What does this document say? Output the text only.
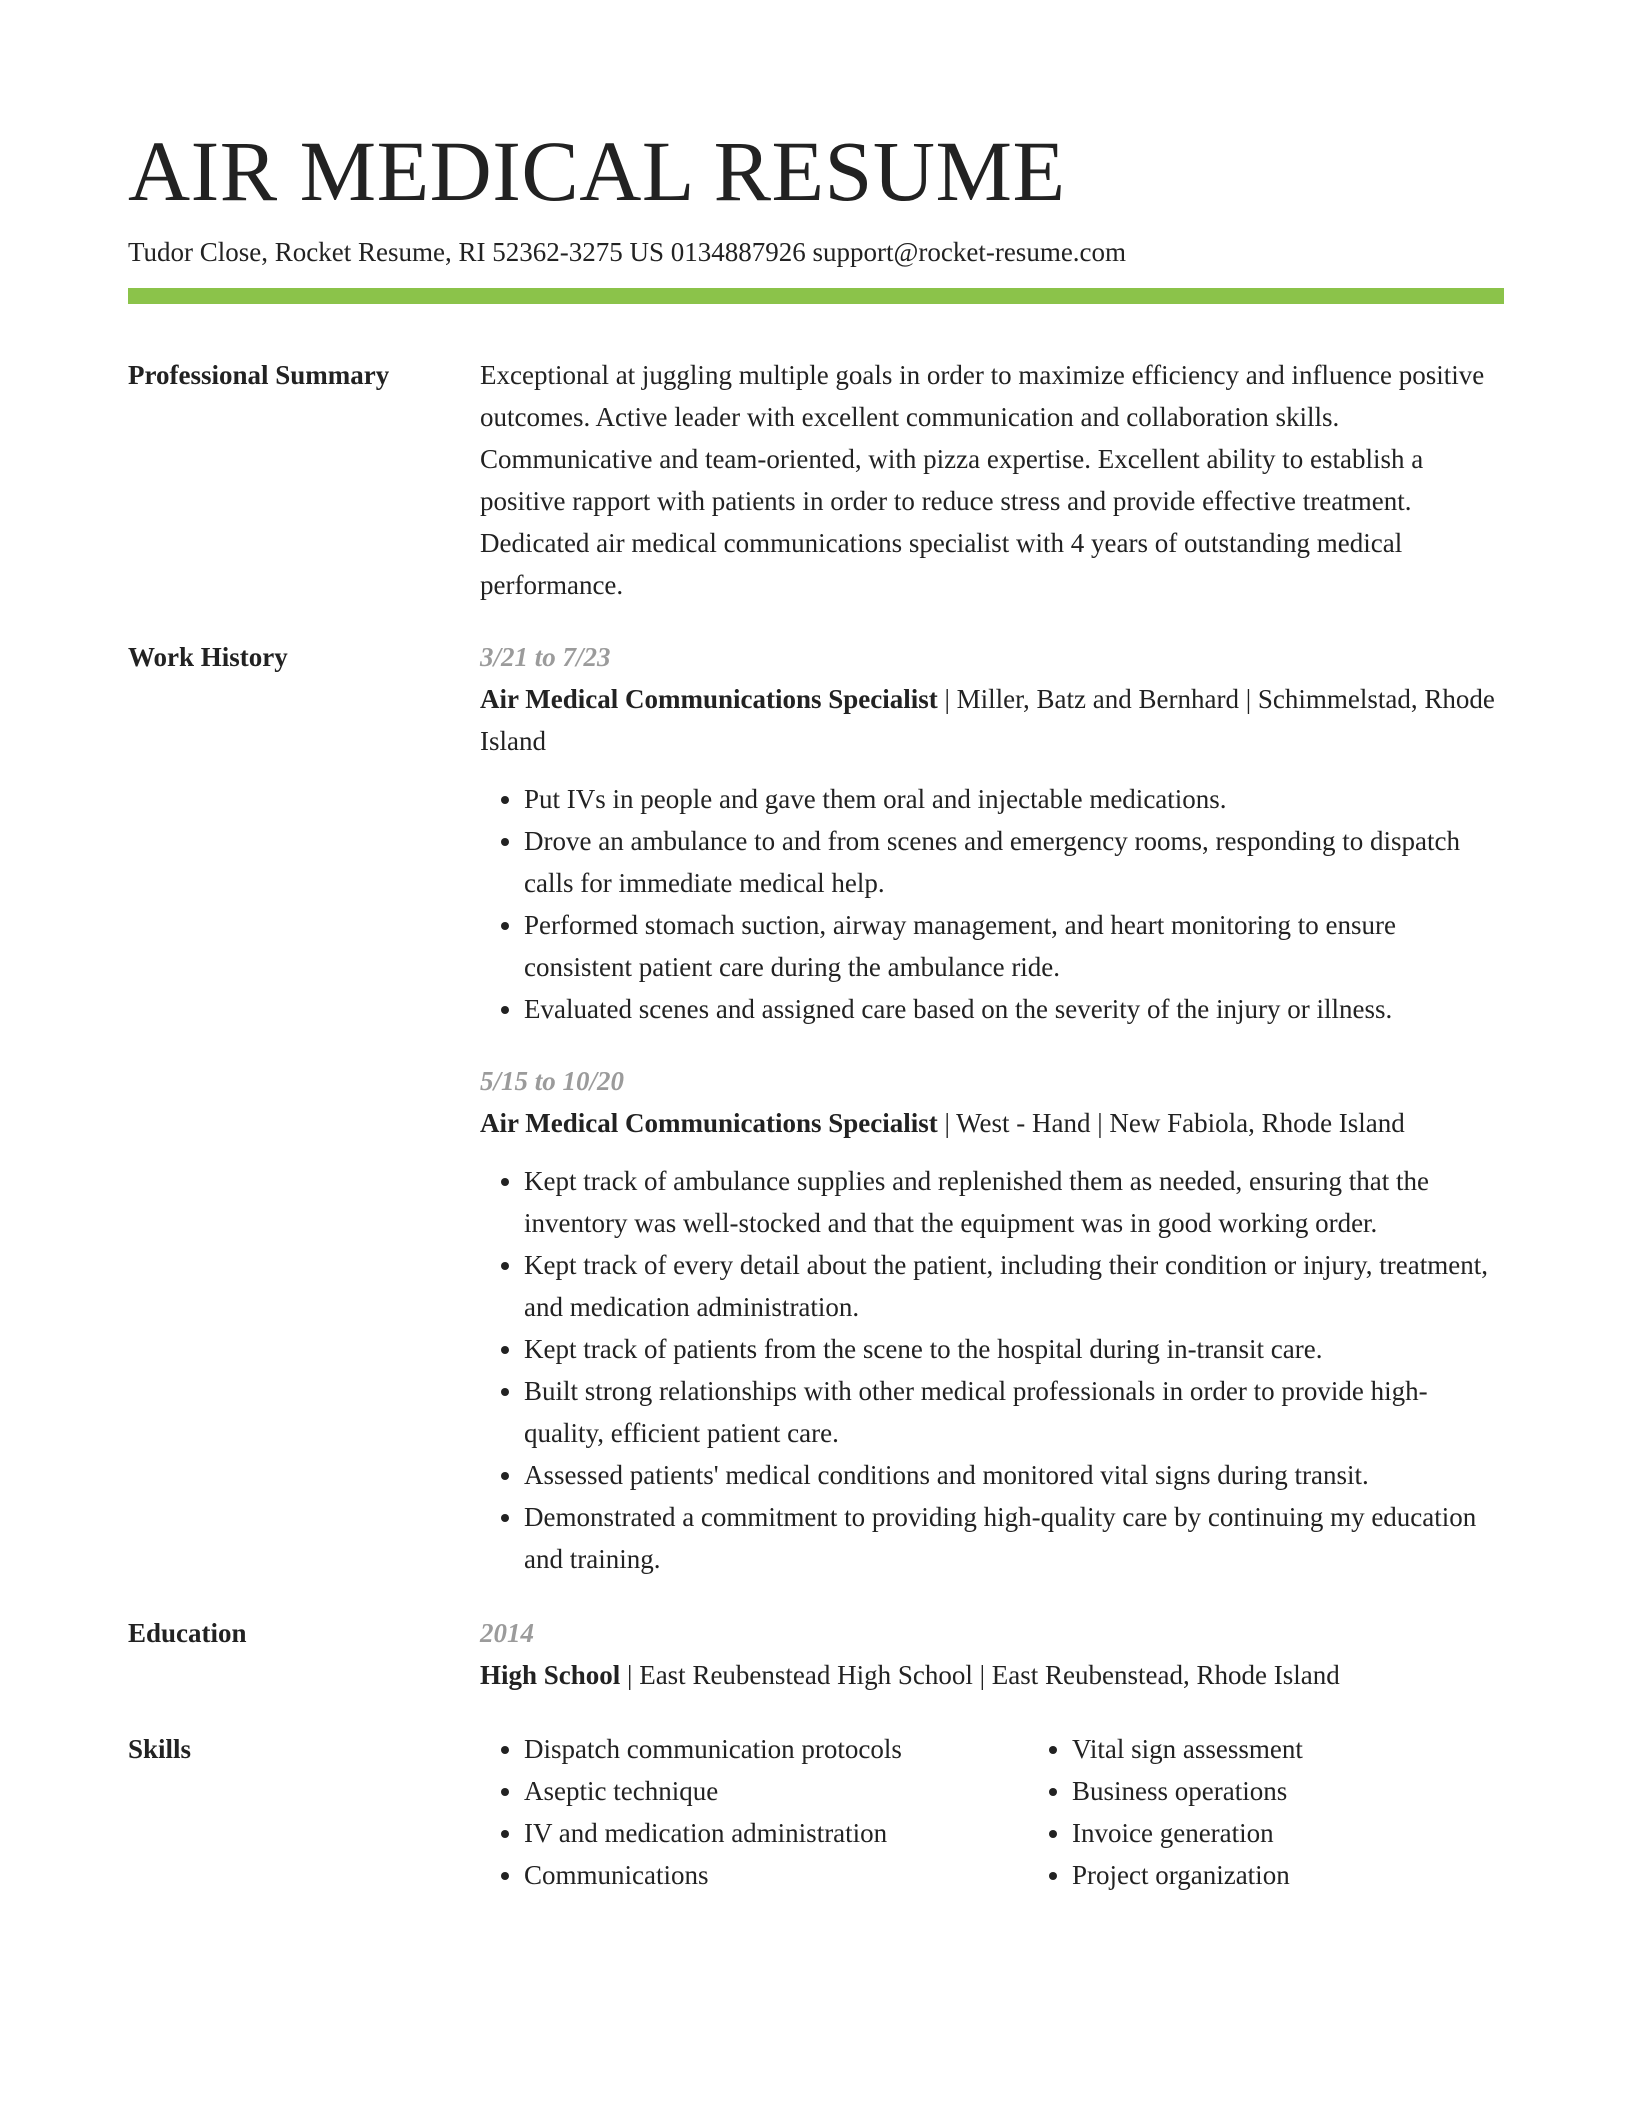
AIR MEDICAL RESUME
Tudor Close, Rocket Resume, RI 52362-3275 US 0134887926 support@rocket-resume.com
Professional Summary	Exceptional at juggling multiple goals in order to maximize efficiency and influence positive outcomes. Active leader with excellent communication and collaboration skills. Communicative and team-oriented, with pizza expertise. Excellent ability to establish a positive rapport with patients in order to reduce stress and provide effective treatment. Dedicated air medical communications specialist with 4 years of outstanding medical performance.
Work History	3/21 to 7/23
Air Medical Communications Specialist | Miller, Batz and Bernhard | Schimmelstad, Rhode Island
• Put IVs in people and gave them oral and injectable medications.
• Drove an ambulance to and from scenes and emergency rooms, responding to dispatch calls for immediate medical help.
• Performed stomach suction, airway management, and heart monitoring to ensure consistent patient care during the ambulance ride.
• Evaluated scenes and assigned care based on the severity of the injury or illness.
5/15 to 10/20
Air Medical Communications Specialist | West - Hand | New Fabiola, Rhode Island
• Kept track of ambulance supplies and replenished them as needed, ensuring that the inventory was well-stocked and that the equipment was in good working order.
• Kept track of every detail about the patient, including their condition or injury, treatment, and medication administration.
• Kept track of patients from the scene to the hospital during in-transit care.
• Built strong relationships with other medical professionals in order to provide high-quality, efficient patient care.
• Assessed patients' medical conditions and monitored vital signs during transit.
• Demonstrated a commitment to providing high-quality care by continuing my education and training.
Education	2014
High School | East Reubenstead High School | East Reubenstead, Rhode Island
Skills
•	Dispatch communication protocols
• Aseptic technique
• IV and medication administration
• Communications
• Vital sign assessment
• Business operations
• Invoice generation
• Project organization
